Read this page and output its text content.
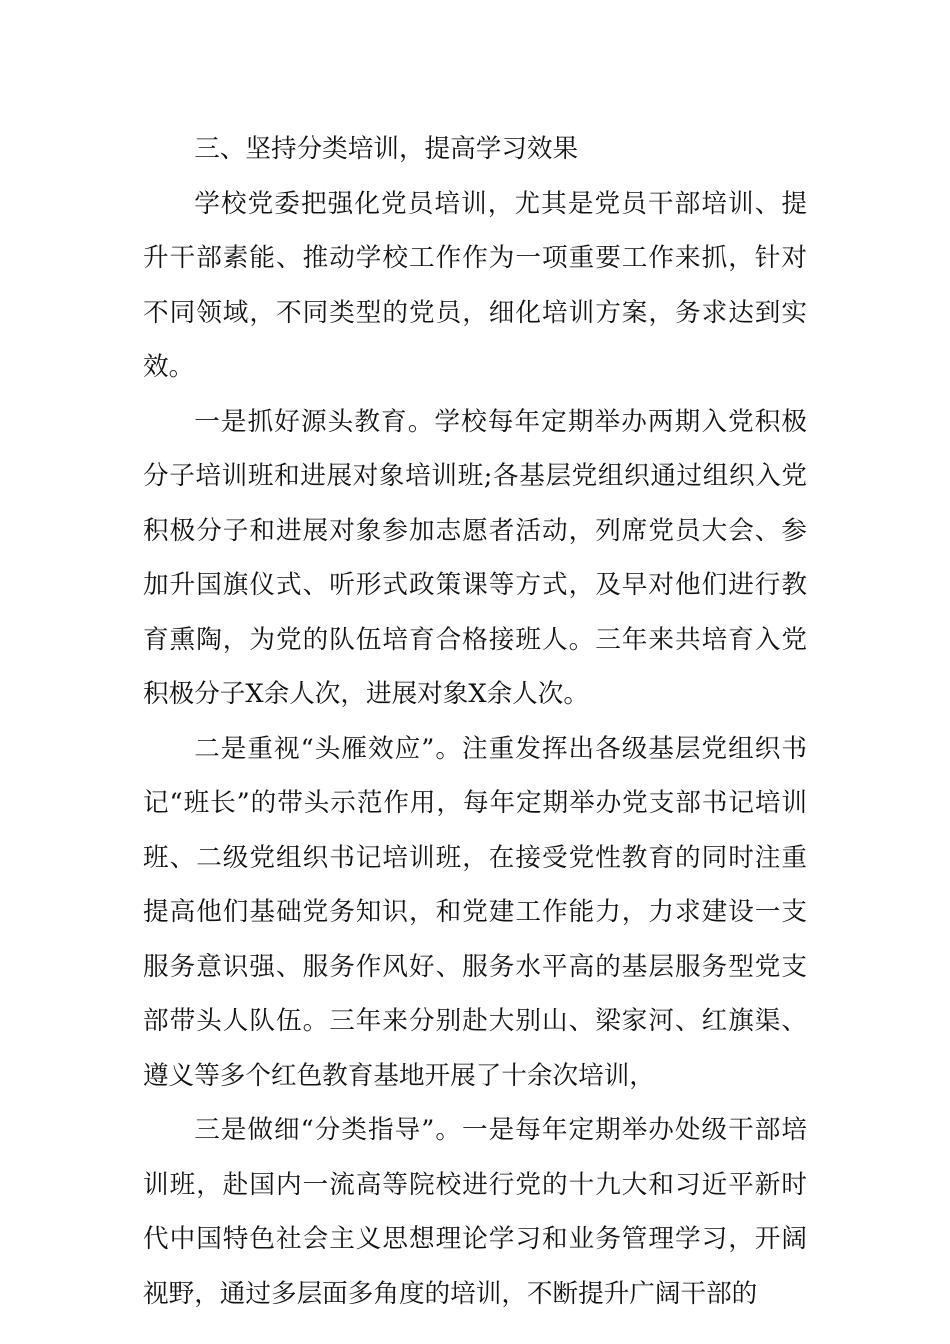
三、坚持分类培训，提高学习效果

学校党委把强化党员培训，尤其是党员干部培训、提升干部素能、推动学校工作作为一项重要工作来抓，针对不同领域，不同类型的党员，细化培训方案，务求达到实效。

一是抓好源头教育。学校每年定期举办两期入党积极分子培训班和进展对象培训班;各基层党组织通过组织入党积极分子和进展对象参加志愿者活动，列席党员大会、参加升国旗仪式、听形式政策课等方式，及早对他们进行教育熏陶，为党的队伍培育合格接班人。三年来共培育入党积极分子X余人次，进展对象X余人次。

二是重视“头雁效应”。注重发挥出各级基层党组织书记“班长”的带头示范作用，每年定期举办党支部书记培训班、二级党组织书记培训班，在接受党性教育的同时注重提高他们基础党务知识，和党建工作能力，力求建设一支服务意识强、服务作风好、服务水平高的基层服务型党支部带头人队伍。三年来分别赴大别山、梁家河、红旗渠、遵义等多个红色教育基地开展了十余次培训，

三是做细“分类指导”。一是每年定期举办处级干部培训班，赴国内一流高等院校进行党的十九大和习近平新时代中国特色社会主义思想理论学习和业务管理学习，开阔视野，通过多层面多角度的培训，不断提升广阔干部的
